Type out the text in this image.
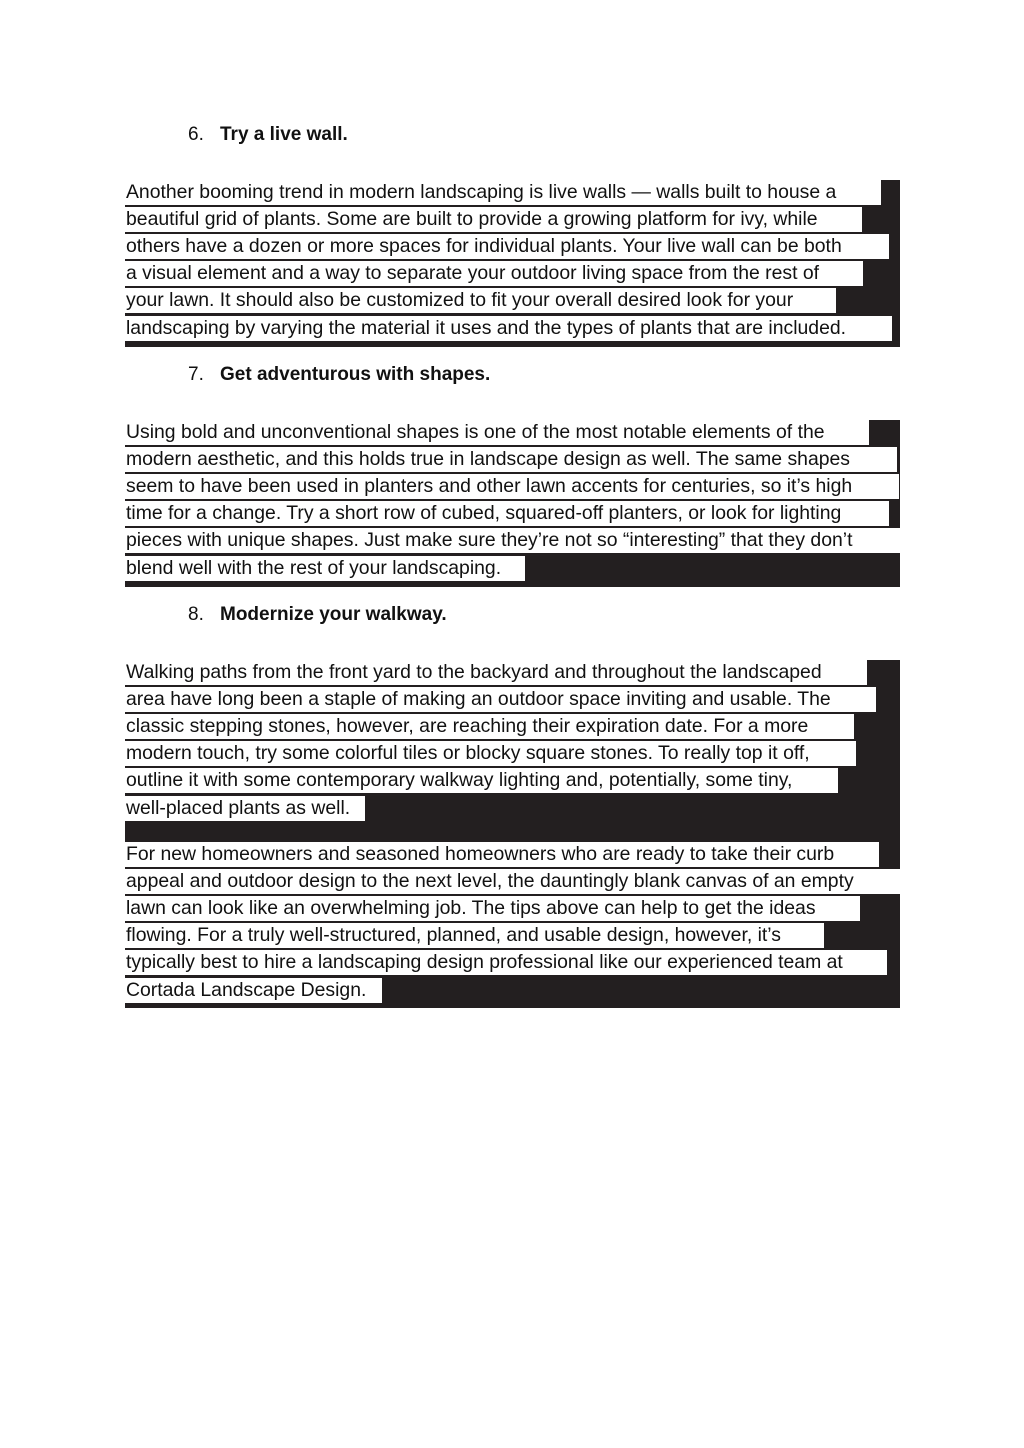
6. Try a live wall.
Another booming trend in modern landscaping is live walls — walls built to house a
beautiful grid of plants. Some are built to provide a growing platform for ivy, while
others have a dozen or more spaces for individual plants. Your live wall can be both
a visual element and a way to separate your outdoor living space from the rest of
your lawn. It should also be customized to fit your overall desired look for your
landscaping by varying the material it uses and the types of plants that are included.
7. Get adventurous with shapes.
Using bold and unconventional shapes is one of the most notable elements of the
modern aesthetic, and this holds true in landscape design as well. The same shapes
seem to have been used in planters and other lawn accents for centuries, so it’s high
time for a change. Try a short row of cubed, squared-off planters, or look for lighting
pieces with unique shapes. Just make sure they’re not so “interesting” that they don’t
blend well with the rest of your landscaping.
8. Modernize your walkway.
Walking paths from the front yard to the backyard and throughout the landscaped
area have long been a staple of making an outdoor space inviting and usable. The
classic stepping stones, however, are reaching their expiration date. For a more
modern touch, try some colorful tiles or blocky square stones. To really top it off,
outline it with some contemporary walkway lighting and, potentially, some tiny,
well-placed plants as well.
For new homeowners and seasoned homeowners who are ready to take their curb
appeal and outdoor design to the next level, the dauntingly blank canvas of an empty
lawn can look like an overwhelming job. The tips above can help to get the ideas
flowing. For a truly well-structured, planned, and usable design, however, it’s
typically best to hire a landscaping design professional like our experienced team at
Cortada Landscape Design.
